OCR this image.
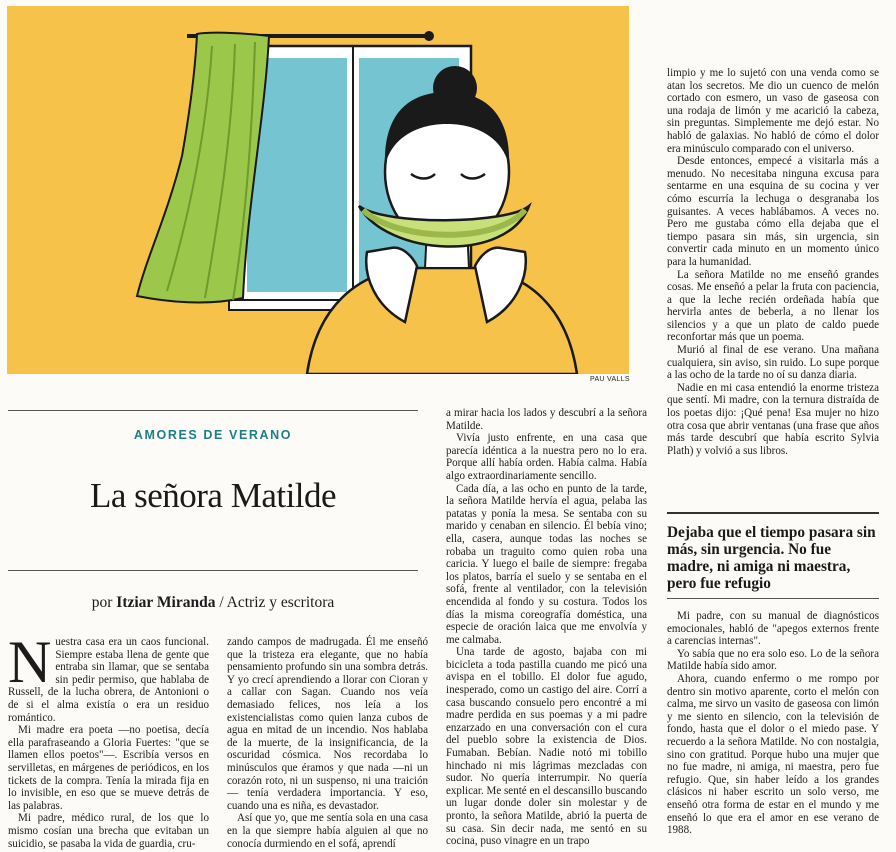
PAU VALLS
AMORES DE VERANO
La señora Matilde
por Itziar Miranda / Actriz y escritora

Nuestra casa era un caos funcional. Siempre estaba llena de gente que entraba sin llamar, que se sentaba sin pedir permiso, que hablaba de Russell, de la lucha obrera, de Antonioni o de si el alma existía o era un residuo romántico.

Mi madre era poeta —no poetisa, decía ella parafraseando a Gloria Fuertes: "que se llamen ellos poetos"—. Escribía versos en servilletas, en márgenes de periódicos, en los tickets de la compra. Tenía la mirada fija en lo invisible, en eso que se mueve detrás de las palabras.

Mi padre, médico rural, de los que lo mismo cosían una brecha que evitaban un suicidio, se pasaba la vida de guardia, cru-

zando campos de madrugada. Él me enseñó que la tristeza era elegante, que no había pensamiento profundo sin una sombra detrás. Y yo crecí aprendiendo a llorar con Cioran y a callar con Sagan. Cuando nos veía demasiado felices, nos leía a los existencialistas como quien lanza cubos de agua en mitad de un incendio. Nos hablaba de la muerte, de la insignificancia, de la oscuridad cósmica. Nos recordaba lo minúsculos que éramos y que nada —ni un corazón roto, ni un suspenso, ni una traición— tenía verdadera importancia. Y eso, cuando una es niña, es devastador.

Así que yo, que me sentía sola en una casa en la que siempre había alguien al que no conocía durmiendo en el sofá, aprendí

a mirar hacia los lados y descubrí a la señora Matilde.

Vivía justo enfrente, en una casa que parecía idéntica a la nuestra pero no lo era. Porque allí había orden. Había calma. Había algo extraordinariamente sencillo.

Cada día, a las ocho en punto de la tarde, la señora Matilde hervía el agua, pelaba las patatas y ponía la mesa. Se sentaba con su marido y cenaban en silencio. Él bebía vino; ella, casera, aunque todas las noches se robaba un traguito como quien roba una caricia. Y luego el baile de siempre: fregaba los platos, barría el suelo y se sentaba en el sofá, frente al ventilador, con la televisión encendida al fondo y su costura. Todos los días la misma coreografía doméstica, una especie de oración laica que me envolvía y me calmaba.

Una tarde de agosto, bajaba con mi bicicleta a toda pastilla cuando me picó una avispa en el tobillo. El dolor fue agudo, inesperado, como un castigo del aire. Corrí a casa buscando consuelo pero encontré a mi madre perdida en sus poemas y a mi padre enzarzado en una conversación con el cura del pueblo sobre la existencia de Dios. Fumaban. Bebían. Nadie notó mi tobillo hinchado ni mis lágrimas mezcladas con sudor. No quería interrumpir. No quería explicar. Me senté en el descansillo buscando un lugar donde doler sin molestar y de pronto, la señora Matilde, abrió la puerta de su casa. Sin decir nada, me sentó en su cocina, puso vinagre en un trapo

limpio y me lo sujetó con una venda como se atan los secretos. Me dio un cuenco de melón cortado con esmero, un vaso de gaseosa con una rodaja de limón y me acarició la cabeza, sin preguntas. Simplemente me dejó estar. No habló de galaxias. No habló de cómo el dolor era minúsculo comparado con el universo.

Desde entonces, empecé a visitarla más a menudo. No necesitaba ninguna excusa para sentarme en una esquina de su cocina y ver cómo escurría la lechuga o desgranaba los guisantes. A veces hablábamos. A veces no. Pero me gustaba cómo ella dejaba que el tiempo pasara sin más, sin urgencia, sin convertir cada minuto en un momento único para la humanidad.

La señora Matilde no me enseñó grandes cosas. Me enseñó a pelar la fruta con paciencia, a que la leche recién ordeñada había que hervirla antes de beberla, a no llenar los silencios y a que un plato de caldo puede reconfortar más que un poema.

Murió al final de ese verano. Una mañana cualquiera, sin aviso, sin ruido. Lo supe porque a las ocho de la tarde no oí su danza diaria.

Nadie en mi casa entendió la enorme tristeza que sentí. Mi madre, con la ternura distraída de los poetas dijo: ¡Qué pena! Esa mujer no hizo otra cosa que abrir ventanas (una frase que años más tarde descubrí que había escrito Sylvia Plath) y volvió a sus libros.

Dejaba que el tiempo pasara sin más, sin urgencia. No fue madre, ni amiga ni maestra, pero fue refugio

Mi padre, con su manual de diagnósticos emocionales, habló de "apegos externos frente a carencias internas".

Yo sabía que no era solo eso. Lo de la señora Matilde había sido amor.

Ahora, cuando enfermo o me rompo por dentro sin motivo aparente, corto el melón con calma, me sirvo un vasito de gaseosa con limón y me siento en silencio, con la televisión de fondo, hasta que el dolor o el miedo pase. Y recuerdo a la señora Matilde. No con nostalgia, sino con gratitud. Porque hubo una mujer que no fue madre, ni amiga, ni maestra, pero fue refugio. Que, sin haber leído a los grandes clásicos ni haber escrito un solo verso, me enseñó otra forma de estar en el mundo y me enseñó lo que era el amor en ese verano de 1988.
